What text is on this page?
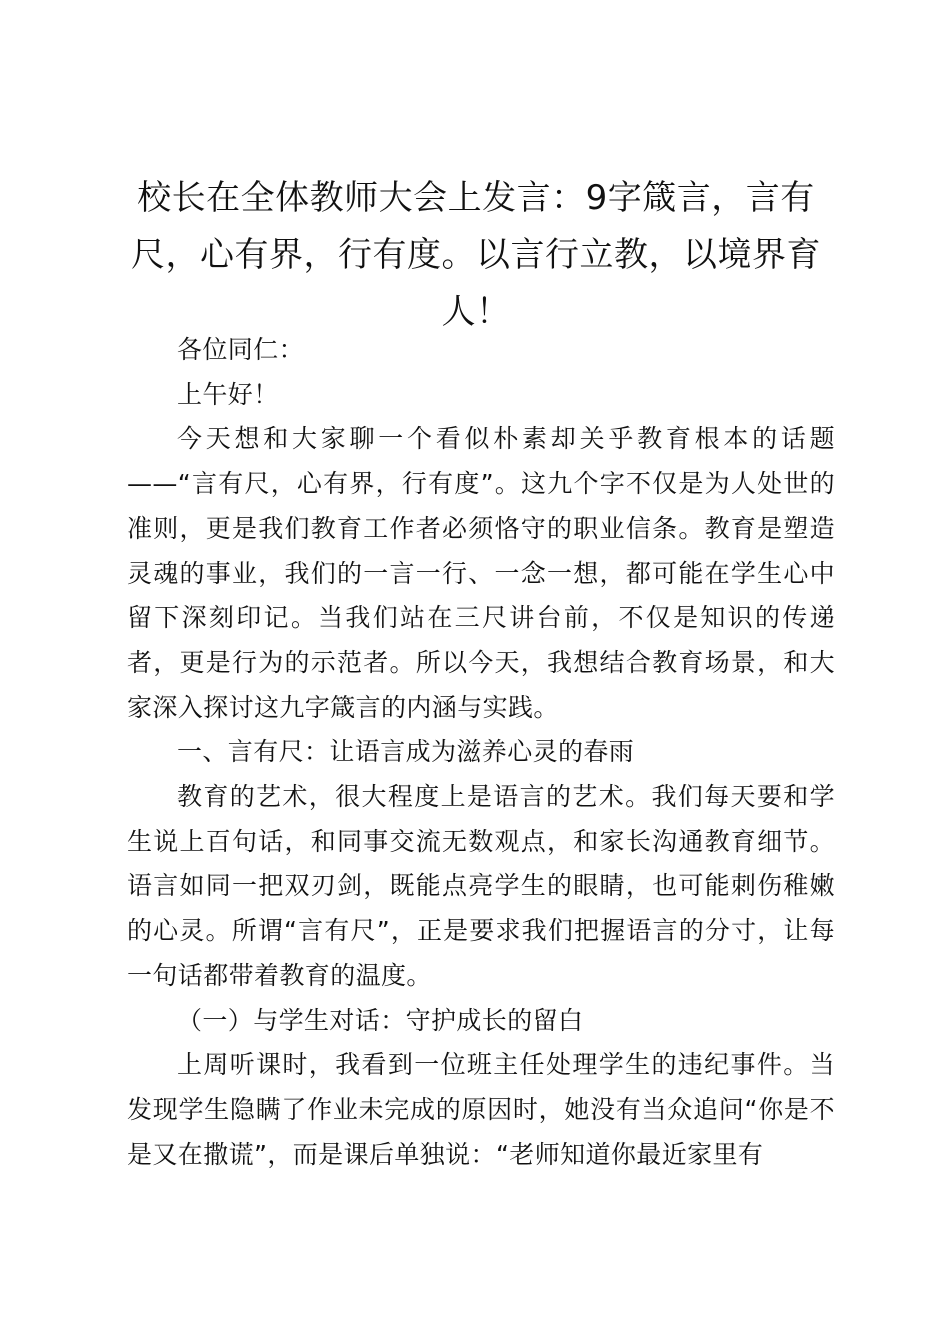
校长在全体教师大会上发言：9字箴言，言有尺，心有界，行有度。以言行立教，以境界育人！

各位同仁：

上午好！

今天想和大家聊一个看似朴素却关乎教育根本的话题——“言有尺，心有界，行有度”。这九个字不仅是为人处世的准则，更是我们教育工作者必须恪守的职业信条。教育是塑造灵魂的事业，我们的一言一行、一念一想，都可能在学生心中留下深刻印记。当我们站在三尺讲台前，不仅是知识的传递者，更是行为的示范者。所以今天，我想结合教育场景，和大家深入探讨这九字箴言的内涵与实践。

一、言有尺：让语言成为滋养心灵的春雨

教育的艺术，很大程度上是语言的艺术。我们每天要和学生说上百句话，和同事交流无数观点，和家长沟通教育细节。语言如同一把双刃剑，既能点亮学生的眼睛，也可能刺伤稚嫩的心灵。所谓“言有尺”，正是要求我们把握语言的分寸，让每一句话都带着教育的温度。

（一）与学生对话：守护成长的留白

上周听课时，我看到一位班主任处理学生的违纪事件。当发现学生隐瞒了作业未完成的原因时，她没有当众追问“你是不是又在撒谎”，而是课后单独说：“老师知道你最近家里有
